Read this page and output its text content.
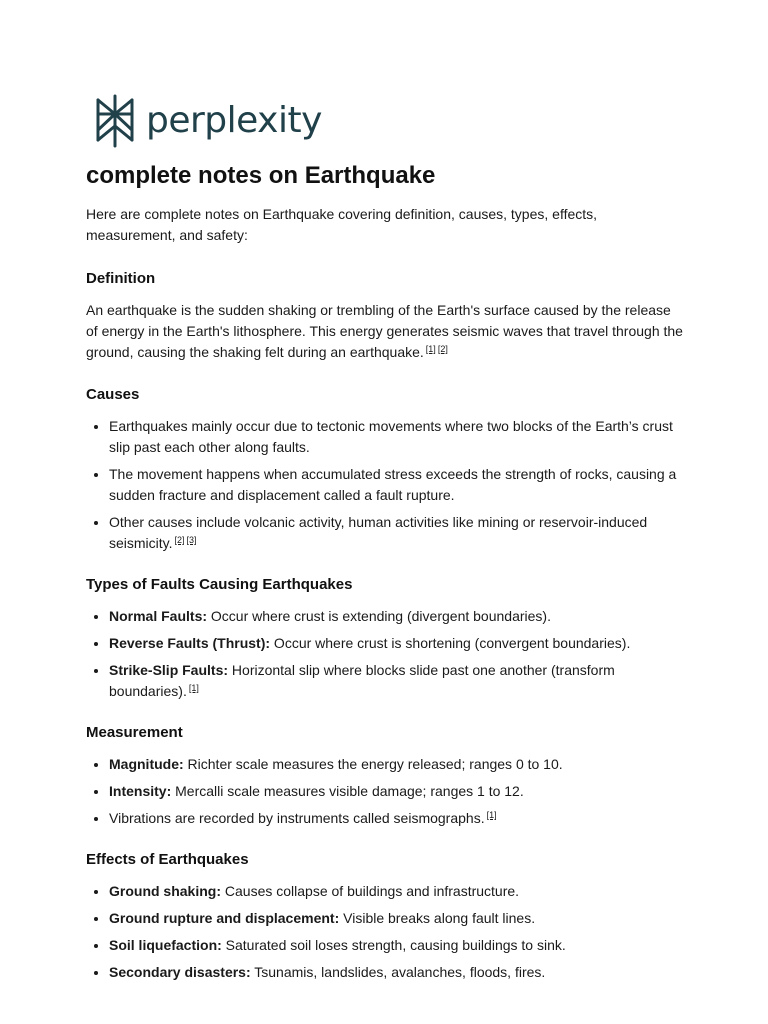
perplexity
complete notes on Earthquake

Here are complete notes on Earthquake covering definition, causes, types, effects, measurement, and safety:

Definition

An earthquake is the sudden shaking or trembling of the Earth's surface caused by the release of energy in the Earth's lithosphere. This energy generates seismic waves that travel through the ground, causing the shaking felt during an earthquake. [1] [2]

Causes
• Earthquakes mainly occur due to tectonic movements where two blocks of the Earth’s crust slip past each other along faults.
• The movement happens when accumulated stress exceeds the strength of rocks, causing a sudden fracture and displacement called a fault rupture.
• Other causes include volcanic activity, human activities like mining or reservoir-induced seismicity. [2] [3]
Types of Faults Causing Earthquakes
• Normal Faults: Occur where crust is extending (divergent boundaries).
• Reverse Faults (Thrust): Occur where crust is shortening (convergent boundaries).
• Strike-Slip Faults: Horizontal slip where blocks slide past one another (transform boundaries). [1]
Measurement
• Magnitude: Richter scale measures the energy released; ranges 0 to 10.
• Intensity: Mercalli scale measures visible damage; ranges 1 to 12.
• Vibrations are recorded by instruments called seismographs. [1]
Effects of Earthquakes
• Ground shaking: Causes collapse of buildings and infrastructure.
• Ground rupture and displacement: Visible breaks along fault lines.
• Soil liquefaction: Saturated soil loses strength, causing buildings to sink.
• Secondary disasters: Tsunamis, landslides, avalanches, floods, fires.
